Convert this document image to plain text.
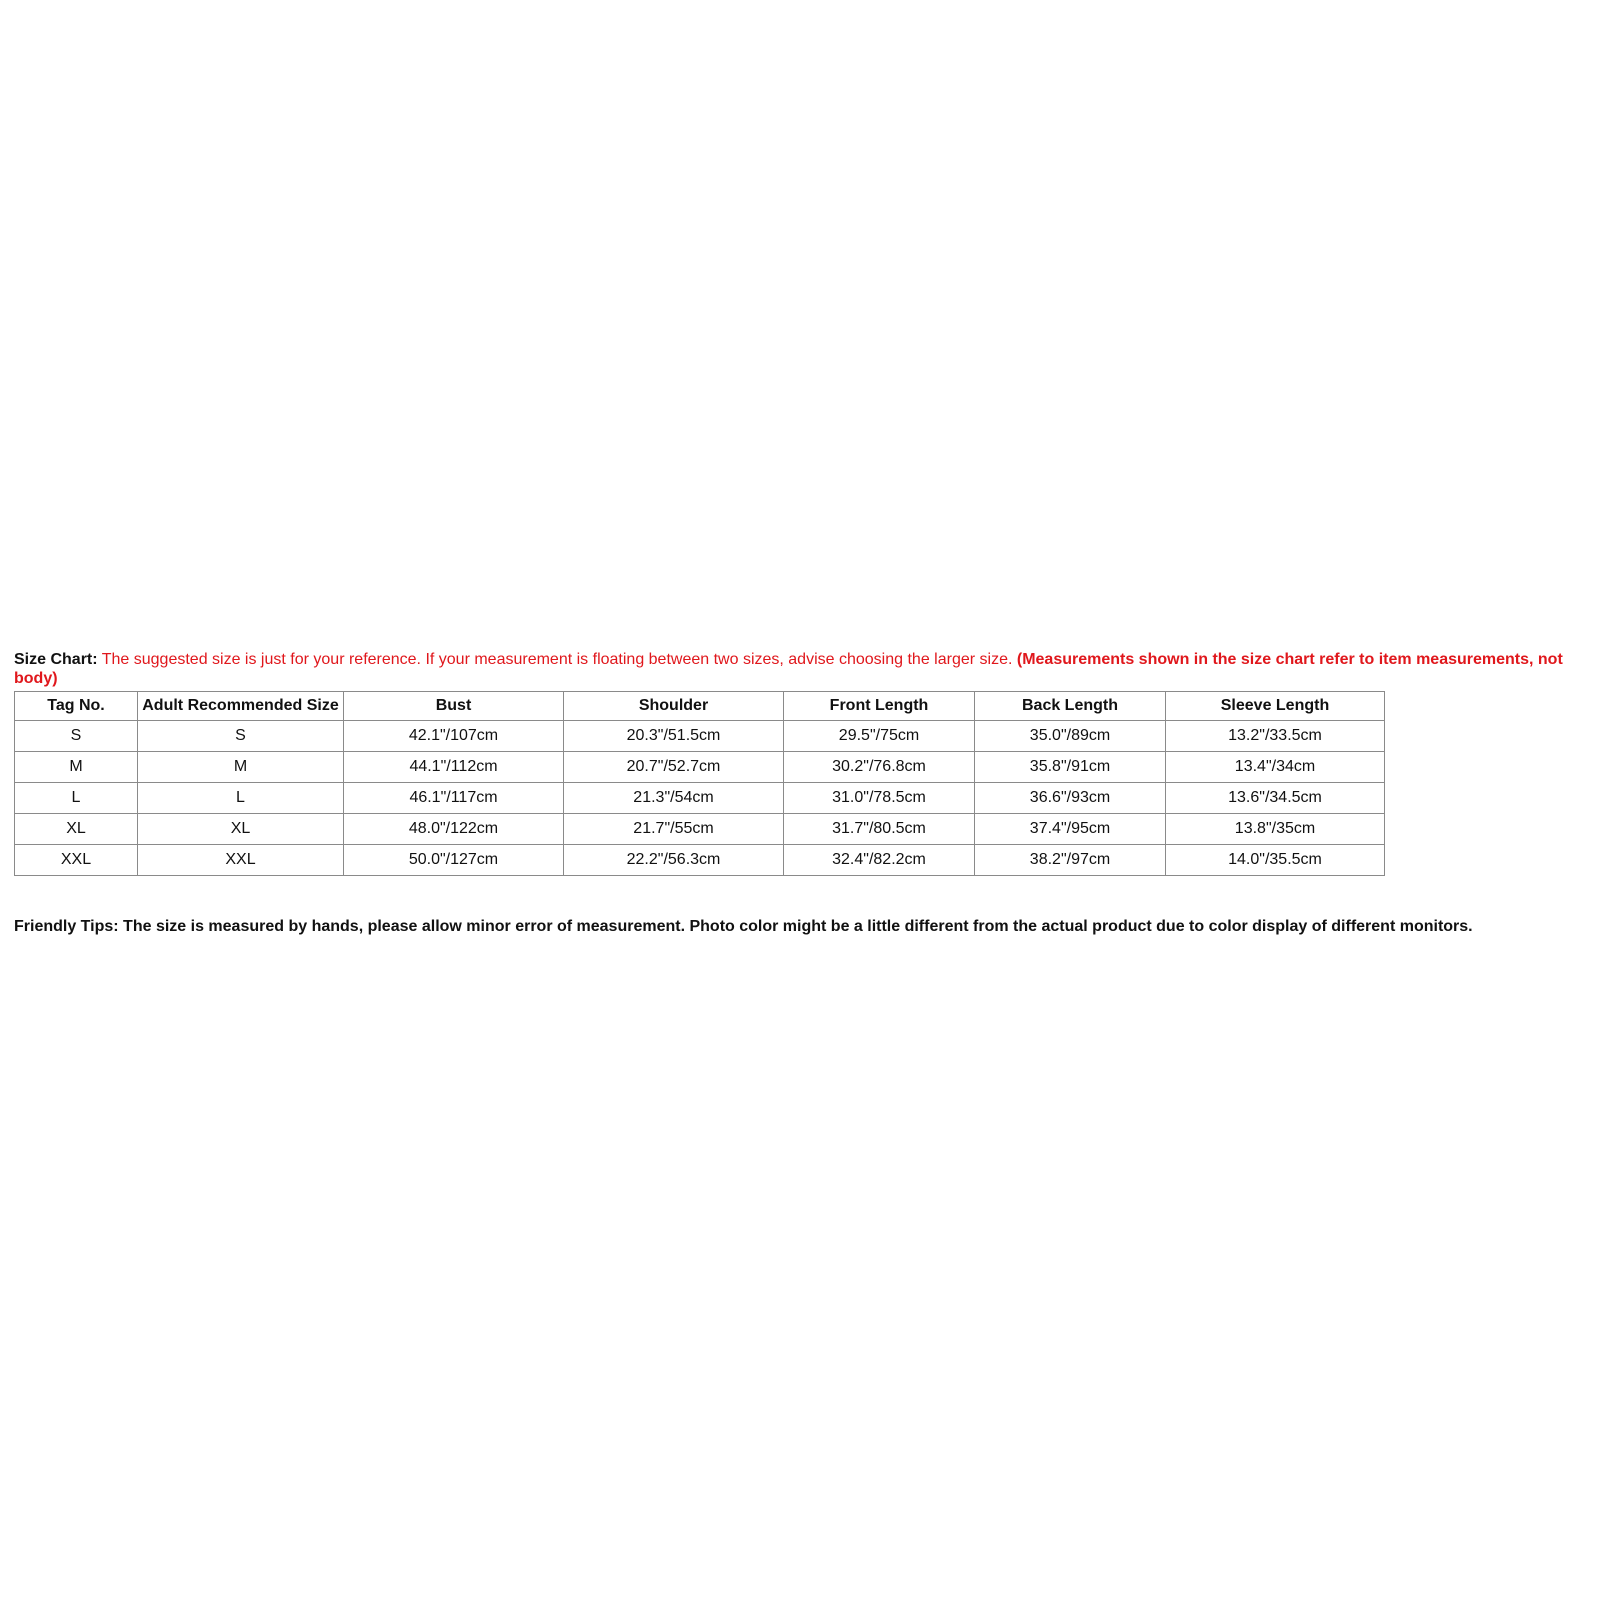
Size Chart: The suggested size is just for your reference. If your measurement is floating between two sizes, advise choosing the larger size. (Measurements shown in the size chart refer to item measurements, not body)

Tag No.	Adult Recommended Size	Bust	Shoulder	Front Length	Back Length	Sleeve Length
S	S	42.1"/107cm	20.3"/51.5cm	29.5"/75cm	35.0"/89cm	13.2"/33.5cm
M	M	44.1"/112cm	20.7"/52.7cm	30.2"/76.8cm	35.8"/91cm	13.4"/34cm
L	L	46.1"/117cm	21.3"/54cm	31.0"/78.5cm	36.6"/93cm	13.6"/34.5cm
XL	XL	48.0"/122cm	21.7"/55cm	31.7"/80.5cm	37.4"/95cm	13.8"/35cm
XXL	XXL	50.0"/127cm	22.2"/56.3cm	32.4"/82.2cm	38.2"/97cm	14.0"/35.5cm

Friendly Tips: The size is measured by hands, please allow minor error of measurement. Photo color might be a little different from the actual product due to color display of different monitors.
